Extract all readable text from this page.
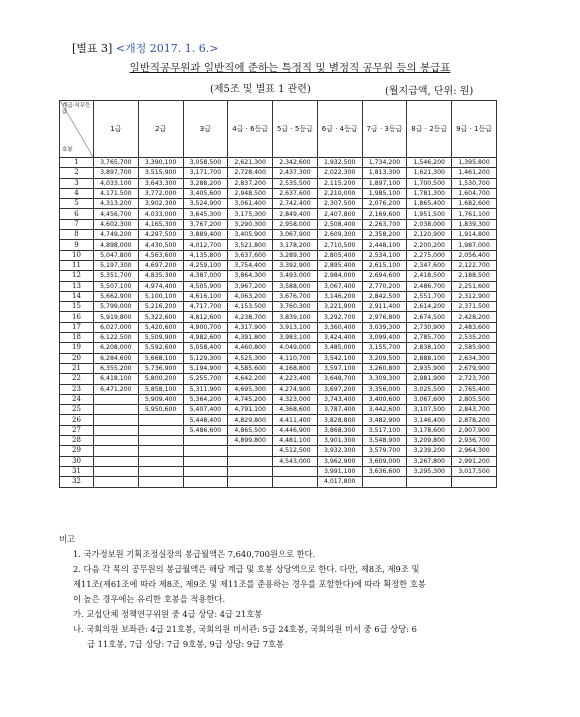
[별표 3] <개정 2017. 1. 6.>
일반직공무원과 일반직에 준하는 특정직 및 별정직 공무원 등의 봉급표
(제5조 및 별표 1 관련)	(월지급액, 단위: 원)
계급·직무등급
호봉	1급	2급	3급	4급 · 6등급	5급 · 5등급	6급 · 4등급	7급 · 3등급	8급 · 2등급	9급 · 1등급
1	3,765,700	3,390,100	3,058,500	2,621,300	2,342,600	1,932,500	1,734,200	1,546,200	1,395,800
2	3,897,700	3,515,900	3,171,700	2,728,400	2,437,300	2,022,300	1,813,300	1,621,300	1,461,200
3	4,033,100	3,643,300	3,288,200	2,837,200	2,535,500	2,115,200	1,897,100	1,700,500	1,530,700
4	4,171,500	3,772,000	3,405,600	2,948,500	2,637,600	2,210,000	1,985,100	1,781,300	1,604,700
5	4,313,200	3,902,300	3,524,900	3,061,400	2,742,400	2,307,500	2,076,200	1,865,400	1,682,600
6	4,456,700	4,033,000	3,645,300	3,175,300	2,849,400	2,407,800	2,169,600	1,951,500	1,761,100
7	4,602,300	4,165,300	3,767,200	3,290,300	2,958,000	2,508,400	2,263,700	2,038,000	1,839,300
8	4,749,200	4,297,500	3,889,400	3,405,900	3,067,900	2,609,300	2,358,200	2,120,900	1,914,800
9	4,898,000	4,430,500	4,012,700	3,521,800	3,178,200	2,710,500	2,448,100	2,200,200	1,987,000
10	5,047,800	4,563,600	4,135,800	3,637,600	3,289,300	2,805,400	2,534,100	2,275,000	2,056,400
11	5,197,300	4,697,200	4,259,100	3,754,400	3,392,900	2,895,400	2,615,100	2,347,600	2,122,700
12	5,351,700	4,835,300	4,387,000	3,864,300	3,493,000	2,984,000	2,694,600	2,418,500	2,188,500
13	5,507,100	4,974,400	4,505,900	3,967,200	3,588,000	3,067,400	2,770,200	2,486,700	2,251,600
14	5,662,900	5,100,100	4,616,100	4,063,200	3,676,700	3,146,200	2,842,500	2,551,700	2,312,900
15	5,799,000	5,216,200	4,717,700	4,153,500	3,760,300	3,221,900	2,911,400	2,614,200	2,371,500
16	5,919,800	5,322,600	4,812,600	4,238,700	3,839,100	3,292,700	2,976,800	2,674,500	2,428,200
17	6,027,000	5,420,600	4,900,700	4,317,900	3,913,100	3,360,400	3,039,300	2,730,900	2,483,600
18	6,122,500	5,509,900	4,982,600	4,391,800	3,983,100	3,424,400	3,099,400	2,785,700	2,535,200
19	6,208,000	5,592,600	5,058,400	4,460,800	4,049,000	3,485,000	3,155,700	2,838,100	2,585,900
20	6,284,600	5,668,100	5,129,300	4,525,300	4,110,700	3,542,100	3,209,500	2,888,100	2,634,300
21	6,355,200	5,736,900	5,194,900	4,585,600	4,168,800	3,597,100	3,260,800	2,935,900	2,679,900
22	6,418,100	5,800,200	5,255,700	4,642,200	4,223,400	3,648,700	3,309,300	2,981,900	2,723,700
23	6,471,200	5,858,100	5,311,900	4,695,300	4,274,900	3,697,200	3,356,000	3,025,500	2,765,400
24		5,909,400	5,364,200	4,745,200	4,323,000	3,743,400	3,400,600	3,067,600	2,805,500
25		5,950,600	5,407,400	4,791,100	4,368,600	3,787,400	3,442,600	3,107,500	2,843,700
26			5,448,400	4,829,800	4,411,400	3,828,800	3,482,900	3,146,400	2,878,200
27			5,486,600	4,865,500	4,446,900	3,868,300	3,517,100	3,178,600	2,907,900
28				4,899,800	4,481,100	3,901,300	3,548,900	3,209,800	2,936,700
29					4,512,500	3,932,300	3,579,700	3,239,200	2,964,300
30					4,543,000	3,962,900	3,609,000	3,267,800	2,991,200
31						3,991,100	3,636,600	3,295,300	3,017,500
32						4,017,800			

비고

1. 국가정보원 기획조정실장의 봉급월액은 7,640,700원으로 한다.

2. 다음 각 목의 공무원의 봉급월액은 해당 계급 및 호봉 상당액으로 한다. 다만, 제8조, 제9조 및

제11조(제61조에 따라 제8조, 제9조 및 제11조를 준용하는 경우를 포함한다)에 따라 획정한 호봉

이 높은 경우에는 유리한 호봉을 적용한다.

가. 교섭단체 정책연구위원 중 4급 상당: 4급 21호봉

나. 국회의원 보좌관: 4급 21호봉, 국회의원 비서관: 5급 24호봉, 국회의원 비서 중 6급 상당: 6

급 11호봉, 7급 상당: 7급 9호봉, 9급 상당: 9급 7호봉
